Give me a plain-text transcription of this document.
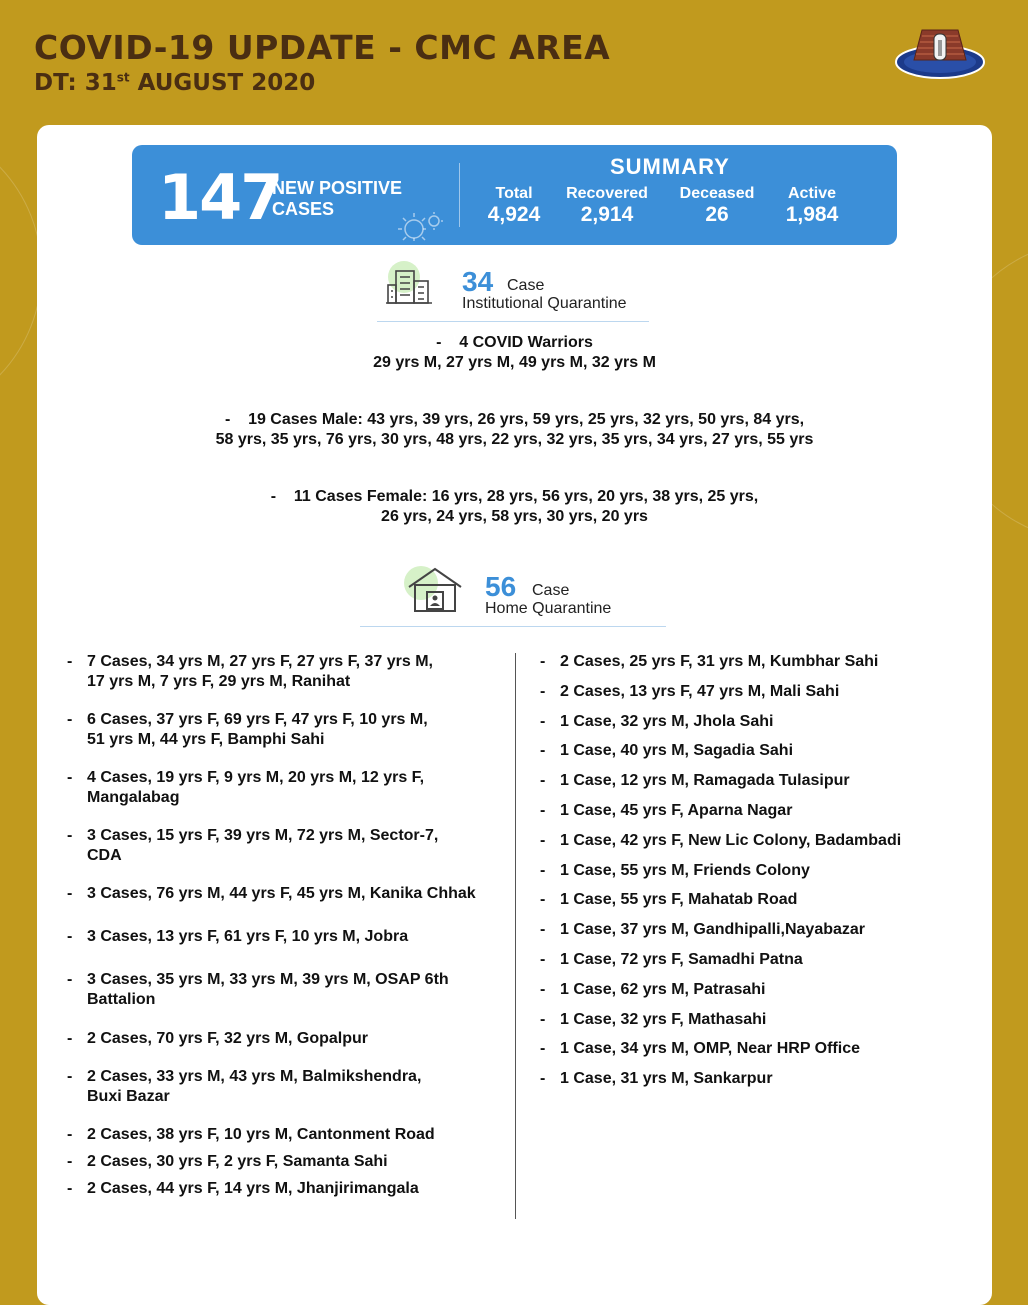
COVID-19 UPDATE - CMC AREA
DT: 31st AUGUST 2020
147
NEW POSITIVE CASES
SUMMARY
Total
4,924
Recovered
2,914
Deceased
26
Active
1,984
34 Case
Institutional Quarantine
-    4 COVID Warriors
29 yrs M, 27 yrs M, 49 yrs M, 32 yrs M
-    19 Cases Male: 43 yrs, 39 yrs, 26 yrs, 59 yrs, 25 yrs, 32 yrs, 50 yrs, 84 yrs,
58 yrs, 35 yrs, 76 yrs, 30 yrs, 48 yrs, 22 yrs, 32 yrs, 35 yrs, 34 yrs, 27 yrs, 55 yrs
-    11 Cases Female: 16 yrs, 28 yrs, 56 yrs, 20 yrs, 38 yrs, 25 yrs,
26 yrs, 24 yrs, 58 yrs, 30 yrs, 20 yrs
56 Case
Home Quarantine
- 7 Cases, 34 yrs M, 27 yrs F, 27 yrs F, 37 yrs M,
17 yrs M, 7 yrs F, 29 yrs M, Ranihat
- 6 Cases, 37 yrs F, 69 yrs F, 47 yrs F, 10 yrs M,
51 yrs M, 44 yrs F, Bamphi Sahi
- 4 Cases, 19 yrs F, 9 yrs M, 20 yrs M, 12 yrs F,
Mangalabag
- 3 Cases, 15 yrs F, 39 yrs M, 72 yrs M, Sector-7,
CDA
- 3 Cases, 76 yrs M, 44 yrs F, 45 yrs M, Kanika Chhak
- 3 Cases, 13 yrs F, 61 yrs F, 10 yrs M, Jobra
- 3 Cases, 35 yrs M, 33 yrs M, 39 yrs M, OSAP 6th
Battalion
- 2 Cases, 70 yrs F, 32 yrs M, Gopalpur
- 2 Cases, 33 yrs M, 43 yrs M, Balmikshendra,
Buxi Bazar
- 2 Cases, 38 yrs F, 10 yrs M, Cantonment Road
- 2 Cases, 30 yrs F, 2 yrs F, Samanta Sahi
- 2 Cases, 44 yrs F, 14 yrs M, Jhanjirimangala
- 2 Cases, 25 yrs F, 31 yrs M, Kumbhar Sahi
- 2 Cases, 13 yrs F, 47 yrs M, Mali Sahi
- 1 Case, 32 yrs M, Jhola Sahi
- 1 Case, 40 yrs M, Sagadia Sahi
- 1 Case, 12 yrs M, Ramagada Tulasipur
- 1 Case, 45 yrs F, Aparna Nagar
- 1 Case, 42 yrs F, New Lic Colony, Badambadi
- 1 Case, 55 yrs M, Friends Colony
- 1 Case, 55 yrs F, Mahatab Road
- 1 Case, 37 yrs M, Gandhipalli,Nayabazar
- 1 Case, 72 yrs F, Samadhi Patna
- 1 Case, 62 yrs M, Patrasahi
- 1 Case, 32 yrs F, Mathasahi
- 1 Case, 34 yrs M, OMP, Near HRP Office
- 1 Case, 31 yrs M, Sankarpur
